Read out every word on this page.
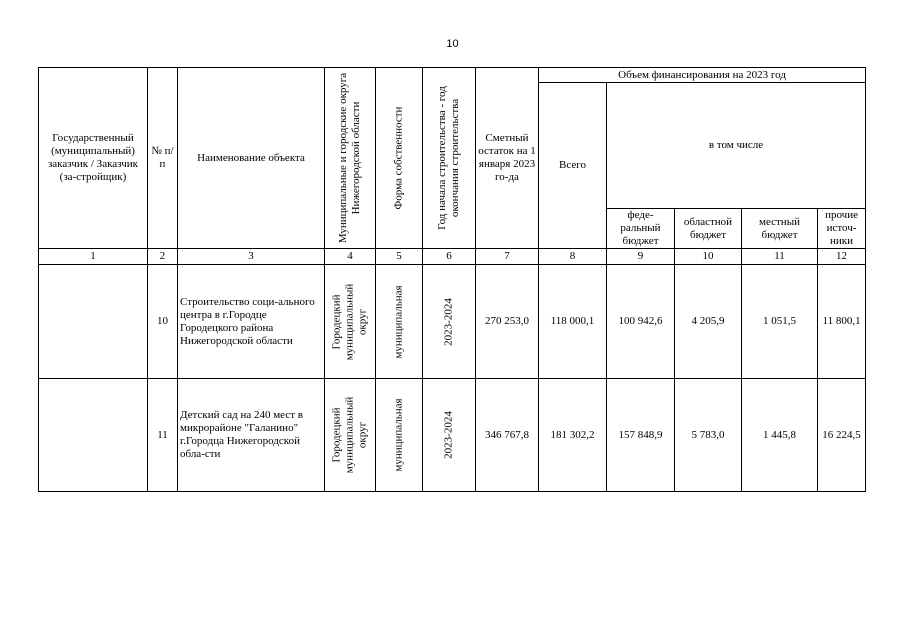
10
Государственный (муниципальный) заказчик / Заказчик (за-стройщик)	№ п/п	Наименование объекта	Муниципальные и городские округа Нижегородской области	Форма собственности	Год начала строительства - год окончания строительства	Сметный остаток на 1 января 2023 го-да	Объем финансирования на 2023 год				
							Всего	в том числе			
								феде-ральный бюджет	областной бюджет	местный бюджет	прочие источ-ники
1	2	3	4	5	6	7	8	9	10	11	12
	10	Строительство соци-ального центра в г.Городце Городецкого района Нижегородской области	Городецкий муниципальный округ	муниципальная	2023-2024	270 253,0	118 000,1	100 942,6	4 205,9	1 051,5	11 800,1
	11	Детский сад на 240 мест в микрорайоне "Галанино" г.Городца Нижегородской обла-сти	Городецкий муниципальный округ	муниципальная	2023-2024	346 767,8	181 302,2	157 848,9	5 783,0	1 445,8	16 224,5
